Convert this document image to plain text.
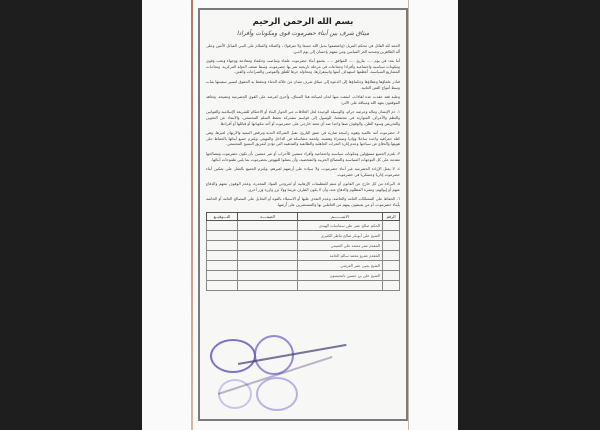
بسم الله الرحمن الرحيم
ميثاق شرف بين أبناء حضرموت قوى ومكونات وأفرادا

الحمد لله القائل في محكم التنزيل (واعتصموا بحبل الله جميعا ولا تفرقوا) ، والصلاة والسلام على النبي القبائل الأمين وعلى آله الطاهرين وصحبه الغر الميامين ومن تبعهم بإحسان إلى يوم الدين.

أما بعد: في يوم ..... بتاريخ ..... الموافق ..... يجتمع أبناء حضرموت علماء ومناصب وحكماء ومقادمة ووجهاء ونخب وقوى ومكونات سياسية واجتماعية وأفرادا وجماعات في مرحلة تاريخية تمر بها حضرموت، وسط ضعف الدولة المركزية، وتجاذبات المشاريع السياسية، أعظمها استهداف أمنها واستقرارها، ومحاولة جرها للقلق والفوضى والصراعات والفتن.

فبادر علماؤها وعقلاؤها وحكماؤها إلى الدعوة إلى ميثاق شرف تصان من خلاله الدماء وتحفظ به الحقوق لتسير سفينتها بثبات وسط أمواج الفتن العاتية.

وعليه فقد عقدت عدة لقاءات، انبثقت منها لجان لصياغة هذا الميثاق، وأخرى لعرضه على القوى الحضرمية وتنقيحه، وتعاهد الموقعون بعهد الله وميثاقه على الآتي:

١- دم الإنسان وماله وعرضه حرام، والوسيلة الوحيدة لحل الخلافات عبر الحوار البناء أو الاحتكام للشريعة الإسلامية والقوانين والنظم والأعراف المتوارثة في مجتمعنا، للوصول إلى قواسم مشتركة تحفظ السلم المجتمعي، والابتعاد عن التخوين والتحريض وسوء الظن، والوقوف صفا واحدا ضد أي معتد خارجي على حضرموت أو أحد مكوناتها أو قبائلها أو أفرادها.

٢- حضرموت أمة عالمية وهوية راسخة ضاربة في عمق التاريخ، تقبل الشراكة الندية وترفض التبعية والارتهان لغيرها، وهي كتلة جغرافية واحدة ساحلا ووادِيا وصحراء وهضبة، ولحمة متماسكة في الداخل والمهجر، ويلتزم جميع أبنائها بالحفاظ على هويتها والدفاع عن سيادتها وعدم إثارة النعرات الجاهلية والطائفية والمذهبية التي تؤدي لتمزيق النسيج المجتمعي.

٣- يلتزم الجميع مسؤولين ومكونات سياسية واجتماعية وأفراد منتمين للأحزاب أو غير منتمين بأن تكون حضرموت ومصالحها مقدمة على كل التوجهات السياسية والمصالح الحزبية والشخصية، وأن يعملوا للنهوض بحضرموت بما يلبي طموحات أبنائها.

٤- لا يمثل الإرادة الحضرمية غير أبناء حضرموت، ولا سيادة على أرضهم لغيرهم، ويلتزم الجميع بالعمل على تمكين أبناء حضرموت إداريا وعسكريا في حضرموت.

٥- البراءة من كل خارج عن القانون أو منتم للتنظيمات الإرهابية أو لمروجي المواد المخدرة، وعدم الوقوف معهم والدفاع عنهم أو إيوائهم، ونصرة المظلوم والدفاع عنه، وأن لا يكون الطرف غريما وولا تزر وازرة وزر أخرى.

٦- الحفاظ على الممتلكات العامة والخاصة، وعدم التعدي عليها أو الاستيلاء بالقوة أو التحايل على المصالح العامة أو الخاصة بأبناء حضرموت، أو من يعيشون بينهم من العاملين بها والمستثمرين على أرضها.

الرقم	الاســـــــم	الصفــــة	التـــوقيــع
	الحكم صالح عمر علي سماسات الهيدي		
	الشيخ علي أبوبكر صالح ماطر الكثيري		
	المقدم عمر محمد علي التميمي		
	المقدم عمرو محمد سالم الحامد		
	الشيخ يحيى عمر العرشي		
	الشيخ علي بن حسين بامحيسون		
